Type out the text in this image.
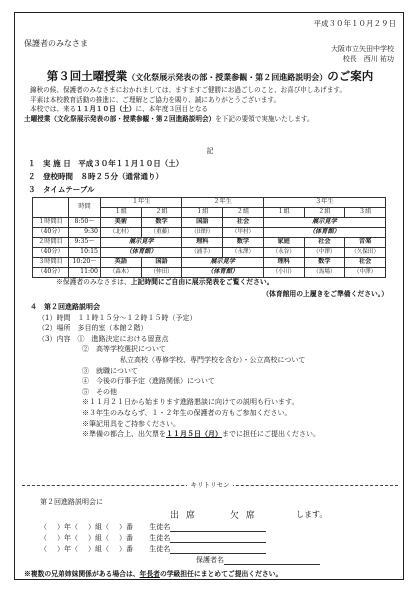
平成３０年１０月２９日
保護者のみなさま
大阪市立矢田中学校
校長　西川 祐功
第３回土曜授業（文化祭展示発表の部・授業参観・第２回進路説明会）のご案内
錦秋の候、保護者のみなさまにおかれましては、ますますご健勝にお過ごしのこと、お喜び申しあげます。
平素は本校教育活動の推進に、ご理解とご協力を賜り、誠にありがとうございます。
本校では、来る１１月１０日（土）に、本年度３回目となる土曜授業（文化祭展示発表の部・授業参観・第２回進路説明会）を下記の要領で実施いたします。
記
１　実 施 日　平成３０年１１月１０日（土）
２　登校時間　８時２５分（通常通り）
３　タイムテーブル
	時間	１年生		２年生		３年生		
		１組	２組	１組	２組	１組	２組	３組
１時間目	8:50～	美術	数学	国語	社会	展示見学		
（40分）	9:30	（北村）	（重藤）	（田野）	（甲村）	（体育館）		
２時間目	9:35～	展示見学		理科	数学	家庭	社会	音楽
（40分）	10:15	（体育館）		（浦手）	（永澤）	（永谷）	（中澤）	（久保田）
３時間目	10:20～	英語	国語	展示見学		理科	数学	社会
（40分）	11:00	（森木）	（仲田）	（体育館）		（小川）	（馬場）	（中澤）
※保護者のみなさまは、上記時間にご自由に展示発表をご覧ください。
（体育館用の上履きをご準備ください。）
４　第２回進路説明会
（1）時間　１１時１５分～１２時１５時（予定）
（2）場所　多目的室（本館２階）
（3）内容　①　進路決定における留意点
②　高等学校選択について
私立高校（専修学校、専門学校を含む）・公立高校について
③　就職について
④　今後の行事予定（進路関係）について
⑤　その他
※１１月２１日から始まります進路懇談に向けての説明も行います。
※３年生のみならず、１・２年生の保護者の方もご参加ください。
※筆記用具をご持参ください。
※準備の都合上、出欠票を１１月５日（月）までに担任にご提出ください。
キリトリセン
第２回進路説明会に
出 席　　　欠 席	します。
（ ）年（ ）組（ ）番 生徒名
（ ）年（ ）組（ ）番 生徒名
（ ）年（ ）組（ ）番 生徒名
保護者名
※複数の兄弟姉妹関係がある場合は、年長者の学級担任にまとめてご提出ください。
